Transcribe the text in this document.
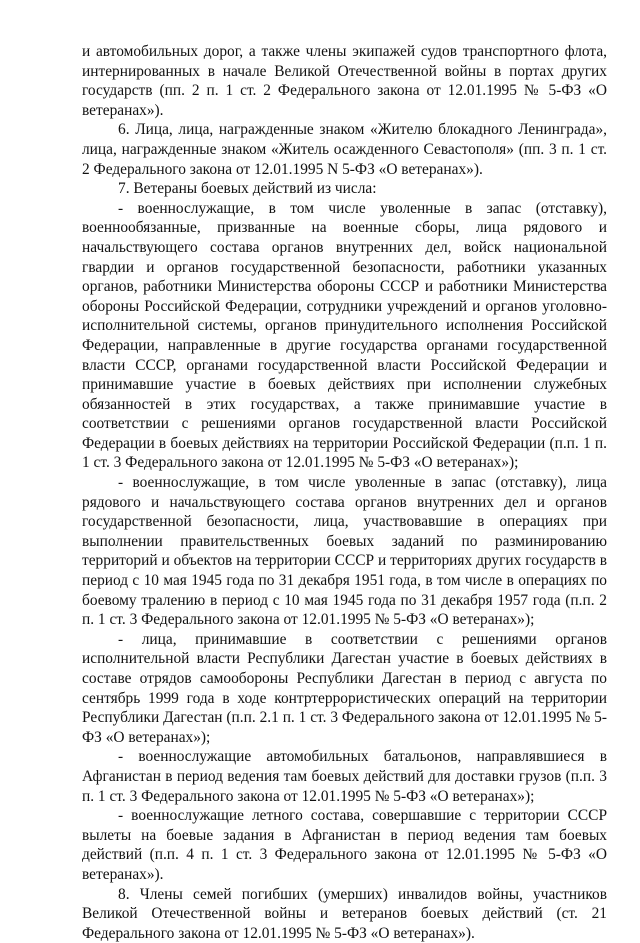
и автомобильных дорог, а также члены экипажей судов транспортного флота, интернированных в начале Великой Отечественной войны в портах других государств (пп. 2 п. 1 ст. 2 Федерального закона от 12.01.1995 № 5-ФЗ «О ветеранах»).

6. Лица, лица, награжденные знаком «Жителю блокадного Ленинграда», лица, награжденные знаком «Житель осажденного Севастополя» (пп. 3 п. 1 ст. 2 Федерального закона от 12.01.1995 N 5-ФЗ «О ветеранах»).

7. Ветераны боевых действий из числа:

- военнослужащие, в том числе уволенные в запас (отставку), военнообязанные, призванные на военные сборы, лица рядового и начальствующего состава органов внутренних дел, войск национальной гвардии и органов государственной безопасности, работники указанных органов, работники Министерства обороны СССР и работники Министерства обороны Российской Федерации, сотрудники учреждений и органов уголовно-исполнительной системы, органов принудительного исполнения Российской Федерации, направленные в другие государства органами государственной власти СССР, органами государственной власти Российской Федерации и принимавшие участие в боевых действиях при исполнении служебных обязанностей в этих государствах, а также принимавшие участие в соответствии с решениями органов государственной власти Российской Федерации в боевых действиях на территории Российской Федерации (п.п. 1 п. 1 ст. 3 Федерального закона от 12.01.1995 № 5-ФЗ «О ветеранах»);

- военнослужащие, в том числе уволенные в запас (отставку), лица рядового и начальствующего состава органов внутренних дел и органов государственной безопасности, лица, участвовавшие в операциях при выполнении правительственных боевых заданий по разминированию территорий и объектов на территории СССР и территориях других государств в период с 10 мая 1945 года по 31 декабря 1951 года, в том числе в операциях по боевому тралению в период с 10 мая 1945 года по 31 декабря 1957 года (п.п. 2 п. 1 ст. 3 Федерального закона от 12.01.1995 № 5-ФЗ «О ветеранах»);

- лица, принимавшие в соответствии с решениями органов исполнительной власти Республики Дагестан участие в боевых действиях в составе отрядов самообороны Республики Дагестан в период с августа по сентябрь 1999 года в ходе контртеррористических операций на территории Республики Дагестан (п.п. 2.1 п. 1 ст. 3 Федерального закона от 12.01.1995 № 5-ФЗ «О ветеранах»);

- военнослужащие автомобильных батальонов, направлявшиеся в Афганистан в период ведения там боевых действий для доставки грузов (п.п. 3 п. 1 ст. 3 Федерального закона от 12.01.1995 № 5-ФЗ «О ветеранах»);

- военнослужащие летного состава, совершавшие с территории СССР вылеты на боевые задания в Афганистан в период ведения там боевых действий (п.п. 4 п. 1 ст. 3 Федерального закона от 12.01.1995 № 5-ФЗ «О ветеранах»).

8. Члены семей погибших (умерших) инвалидов войны, участников Великой Отечественной войны и ветеранов боевых действий (ст. 21 Федерального закона от 12.01.1995 № 5-ФЗ «О ветеранах»).
